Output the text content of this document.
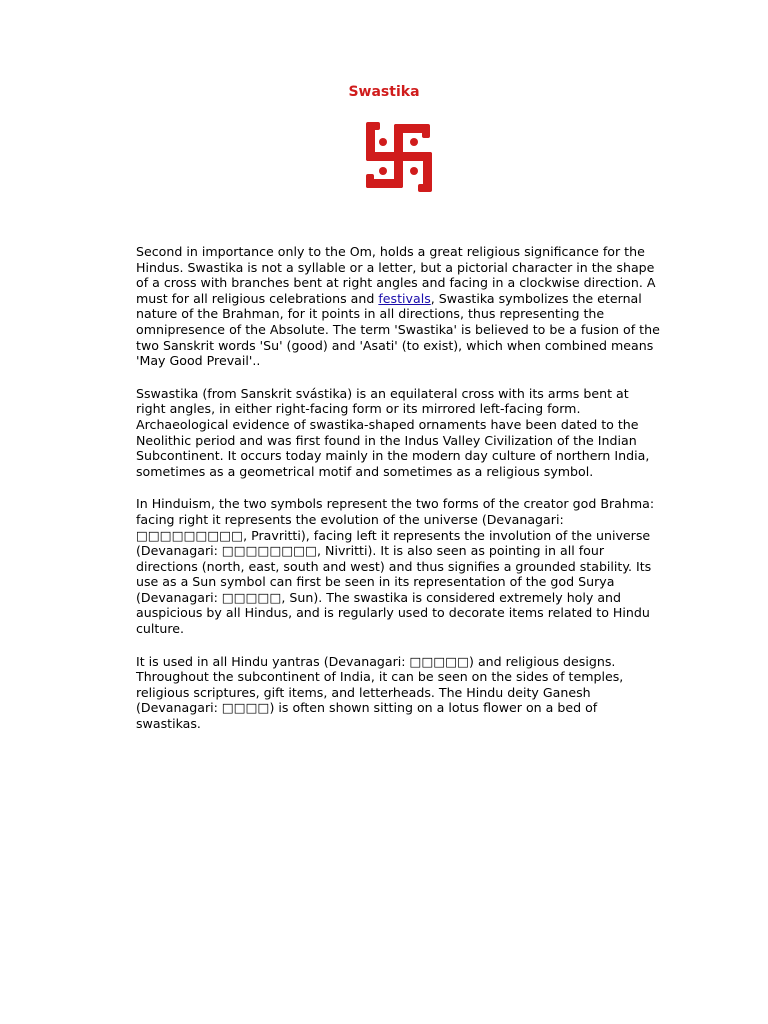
Swastika

Second in importance only to the Om, holds a great religious significance for the Hindus. Swastika is not a syllable or a letter, but a pictorial character in the shape of a cross with branches bent at right angles and facing in a clockwise direction. A must for all religious celebrations and festivals, Swastika symbolizes the eternal nature of the Brahman, for it points in all directions, thus representing the omnipresence of the Absolute. The term 'Swastika' is believed to be a fusion of the two Sanskrit words 'Su' (good) and 'Asati' (to exist), which when combined means 'May Good Prevail'..

Sswastika (from Sanskrit svástika) is an equilateral cross with its arms bent at right angles, in either right-facing form or its mirrored left-facing form. Archaeological evidence of swastika-shaped ornaments have been dated to the Neolithic period and was first found in the Indus Valley Civilization of the Indian Subcontinent. It occurs today mainly in the modern day culture of northern India, sometimes as a geometrical motif and sometimes as a religious symbol.

In Hinduism, the two symbols represent the two forms of the creator god Brahma: facing right it represents the evolution of the universe (Devanagari: □□□□□□□□□, Pravritti), facing left it represents the involution of the universe (Devanagari: □□□□□□□□, Nivritti). It is also seen as pointing in all four directions (north, east, south and west) and thus signifies a grounded stability. Its use as a Sun symbol can first be seen in its representation of the god Surya (Devanagari: □□□□□, Sun). The swastika is considered extremely holy and auspicious by all Hindus, and is regularly used to decorate items related to Hindu culture.

It is used in all Hindu yantras (Devanagari: □□□□□) and religious designs. Throughout the subcontinent of India, it can be seen on the sides of temples, religious scriptures, gift items, and letterheads. The Hindu deity Ganesh (Devanagari: □□□□) is often shown sitting on a lotus flower on a bed of swastikas.
